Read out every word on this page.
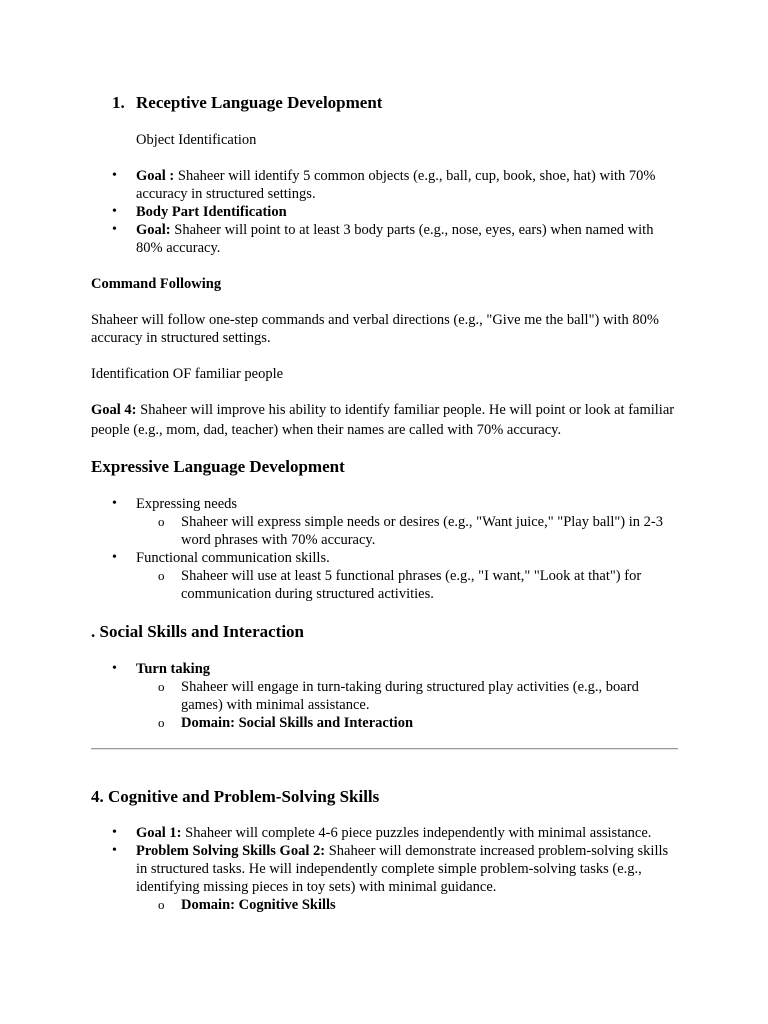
1. Receptive Language Development
Object Identification
• Goal : Shaheer will identify 5 common objects (e.g., ball, cup, book, shoe, hat) with 70% accuracy in structured settings.
• Body Part Identification
• Goal: Shaheer will point to at least 3 body parts (e.g., nose, eyes, ears) when named with 80% accuracy.
Command Following
Shaheer will follow one-step commands and verbal directions (e.g., "Give me the ball") with 80% accuracy in structured settings.
Identification OF familiar people
Goal 4: Shaheer will improve his ability to identify familiar people. He will point or look at familiar people (e.g., mom, dad, teacher) when their names are called with 70% accuracy.
Expressive Language Development
• Expressing needs
o Shaheer will express simple needs or desires (e.g., "Want juice," "Play ball") in 2-3 word phrases with 70% accuracy.
• Functional communication skills.
o Shaheer will use at least 5 functional phrases (e.g., "I want," "Look at that") for communication during structured activities.
. Social Skills and Interaction
• Turn taking
o Shaheer will engage in turn-taking during structured play activities (e.g., board games) with minimal assistance.
o Domain: Social Skills and Interaction
4. Cognitive and Problem-Solving Skills
• Goal 1: Shaheer will complete 4-6 piece puzzles independently with minimal assistance.
• Problem Solving Skills Goal 2: Shaheer will demonstrate increased problem-solving skills in structured tasks. He will independently complete simple problem-solving tasks (e.g., identifying missing pieces in toy sets) with minimal guidance.
o Domain: Cognitive Skills
